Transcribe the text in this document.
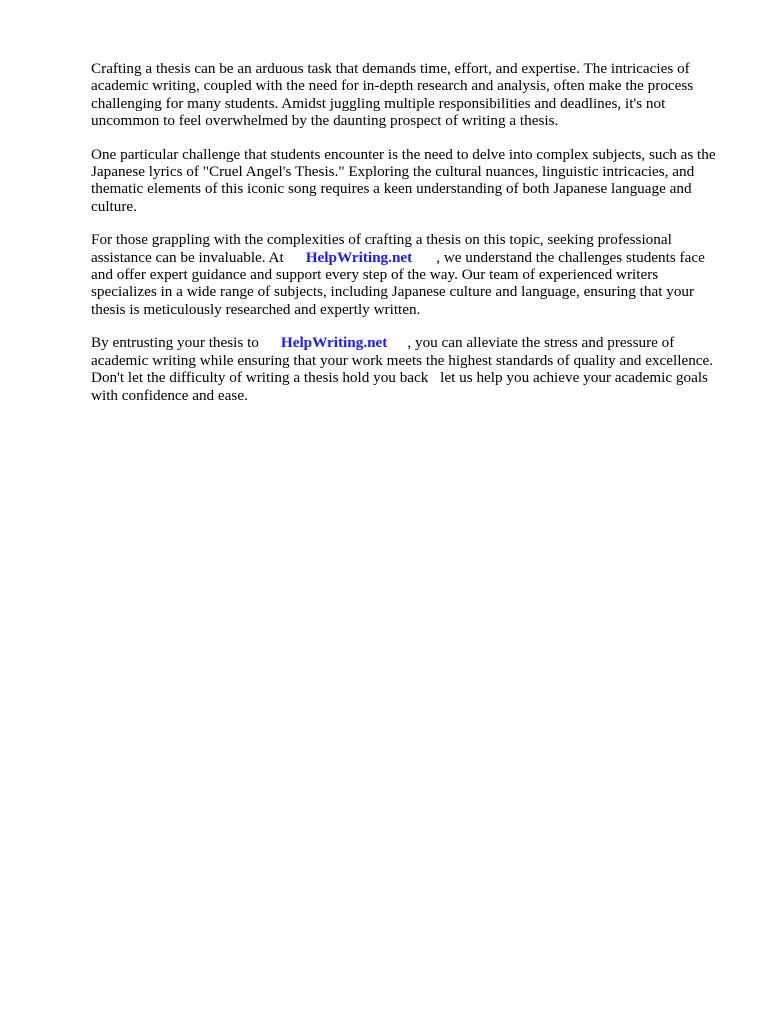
Crafting a thesis can be an arduous task that demands time, effort, and expertise. The intricacies of academic writing, coupled with the need for in-depth research and analysis, often make the process challenging for many students. Amidst juggling multiple responsibilities and deadlines, it's not uncommon to feel overwhelmed by the daunting prospect of writing a thesis.

One particular challenge that students encounter is the need to delve into complex subjects, such as the Japanese lyrics of "Cruel Angel's Thesis." Exploring the cultural nuances, linguistic intricacies, and thematic elements of this iconic song requires a keen understanding of both Japanese language and culture.

For those grappling with the complexities of crafting a thesis on this topic, seeking professional assistance can be invaluable. At HelpWriting.net , we understand the challenges students face and offer expert guidance and support every step of the way. Our team of experienced writers specializes in a wide range of subjects, including Japanese culture and language, ensuring that your thesis is meticulously researched and expertly written.

By entrusting your thesis to HelpWriting.net , you can alleviate the stress and pressure of academic writing while ensuring that your work meets the highest standards of quality and excellence. Don't let the difficulty of writing a thesis hold you back let us help you achieve your academic goals with confidence and ease.
